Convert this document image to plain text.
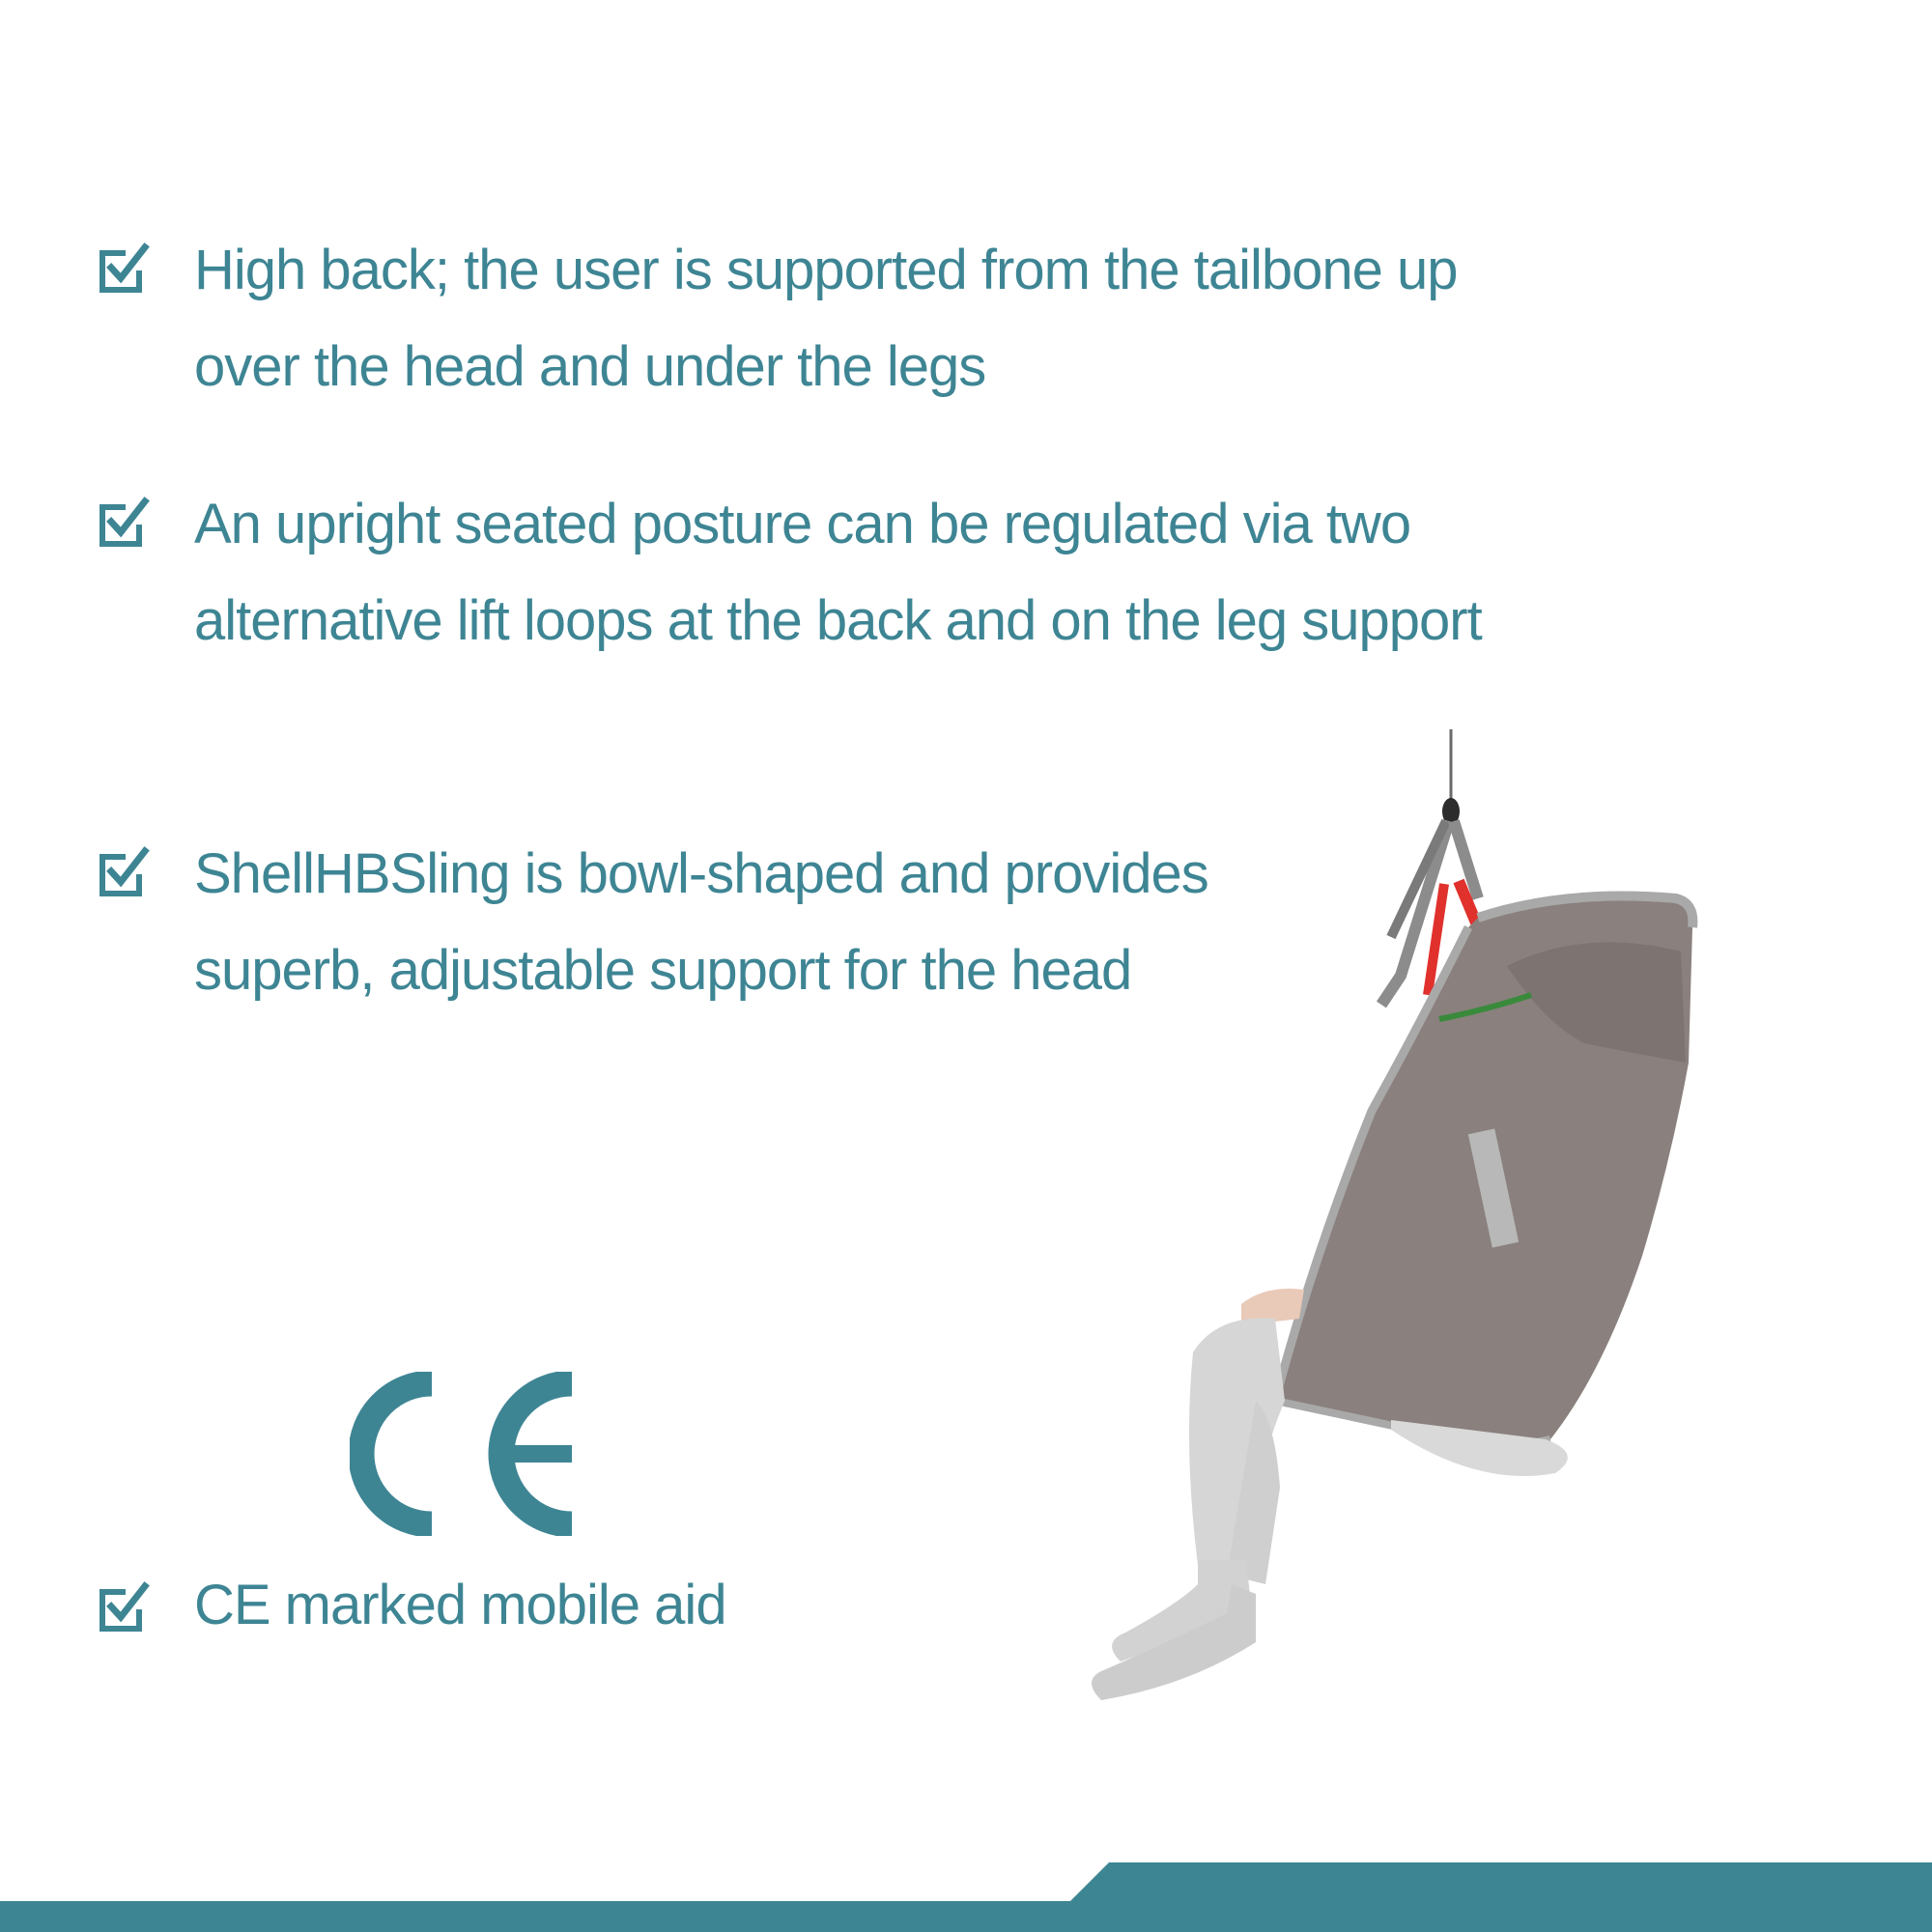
High back; the user is supported from the tailbone up over the head and under the legs
An upright seated posture can be regulated via two alternative lift loops at the back and on the leg support
ShellHBSling is bowl-shaped and provides superb, adjustable support for the head
CE marked mobile aid
